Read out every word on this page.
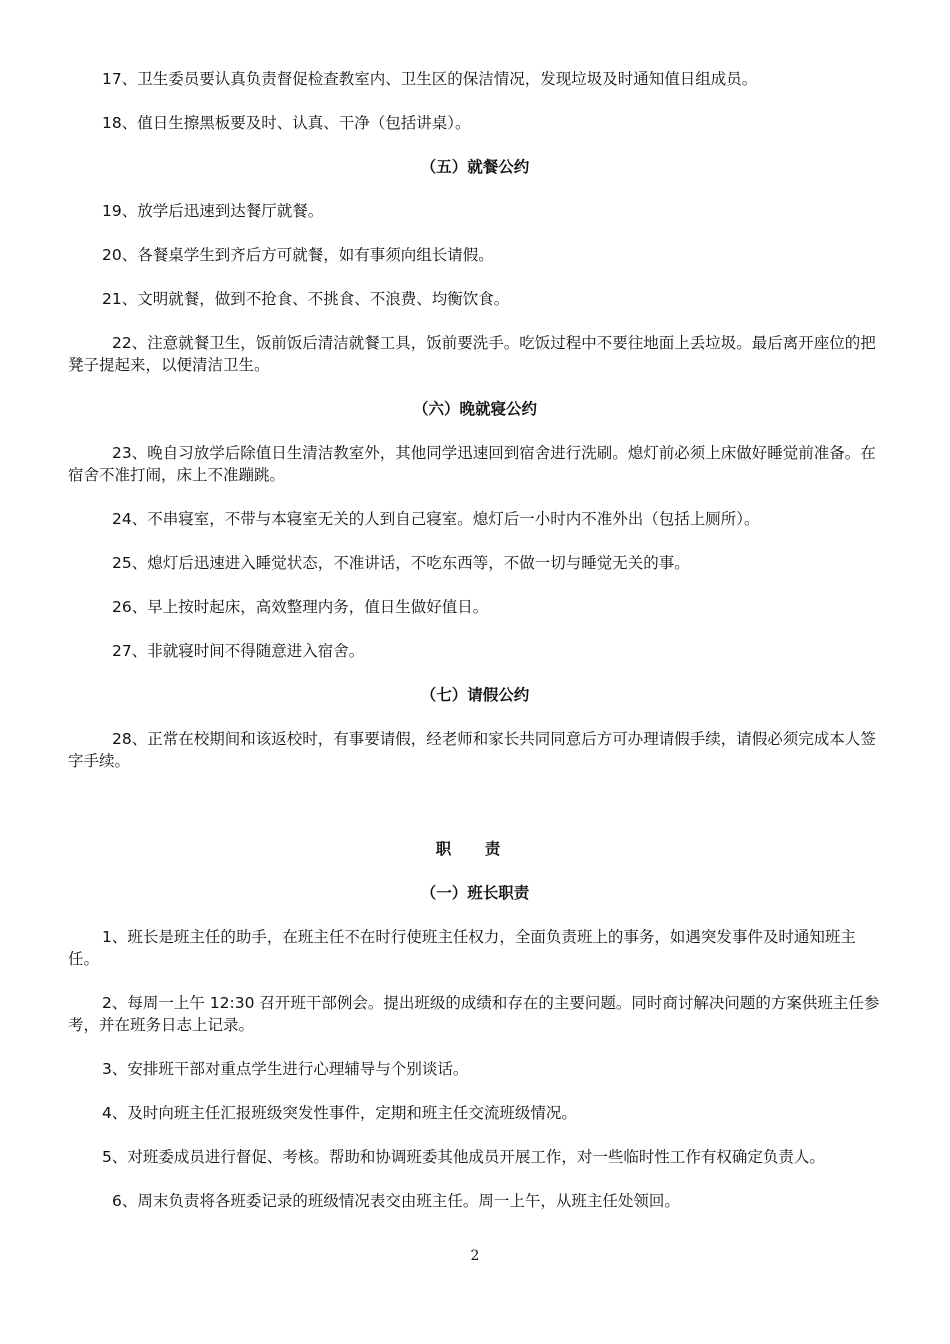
17、卫生委员要认真负责督促检查教室内、卫生区的保洁情况，发现垃圾及时通知值日组成员。
18、值日生擦黑板要及时、认真、干净（包括讲桌）。
（五）就餐公约
19、放学后迅速到达餐厅就餐。
20、各餐桌学生到齐后方可就餐，如有事须向组长请假。
21、文明就餐，做到不抢食、不挑食、不浪费、均衡饮食。
22、注意就餐卫生，饭前饭后清洁就餐工具，饭前要洗手。吃饭过程中不要往地面上丢垃圾。最后离开座位的把凳子提起来，以便清洁卫生。
（六）晚就寝公约
23、晚自习放学后除值日生清洁教室外，其他同学迅速回到宿舍进行洗刷。熄灯前必须上床做好睡觉前准备。在宿舍不准打闹，床上不准蹦跳。
24、不串寝室，不带与本寝室无关的人到自己寝室。熄灯后一小时内不准外出（包括上厕所）。
25、熄灯后迅速进入睡觉状态，不准讲话，不吃东西等，不做一切与睡觉无关的事。
26、早上按时起床，高效整理内务，值日生做好值日。
27、非就寝时间不得随意进入宿舍。
（七）请假公约
28、正常在校期间和该返校时，有事要请假，经老师和家长共同同意后方可办理请假手续，请假必须完成本人签字手续。
职 责
（一）班长职责
1、班长是班主任的助手，在班主任不在时行使班主任权力，全面负责班上的事务，如遇突发事件及时通知班主任。
2、每周一上午 12:30 召开班干部例会。提出班级的成绩和存在的主要问题。同时商讨解决问题的方案供班主任参考，并在班务日志上记录。
3、安排班干部对重点学生进行心理辅导与个别谈话。
4、及时向班主任汇报班级突发性事件，定期和班主任交流班级情况。
5、对班委成员进行督促、考核。帮助和协调班委其他成员开展工作，对一些临时性工作有权确定负责人。
6、周末负责将各班委记录的班级情况表交由班主任。周一上午，从班主任处领回。
2
